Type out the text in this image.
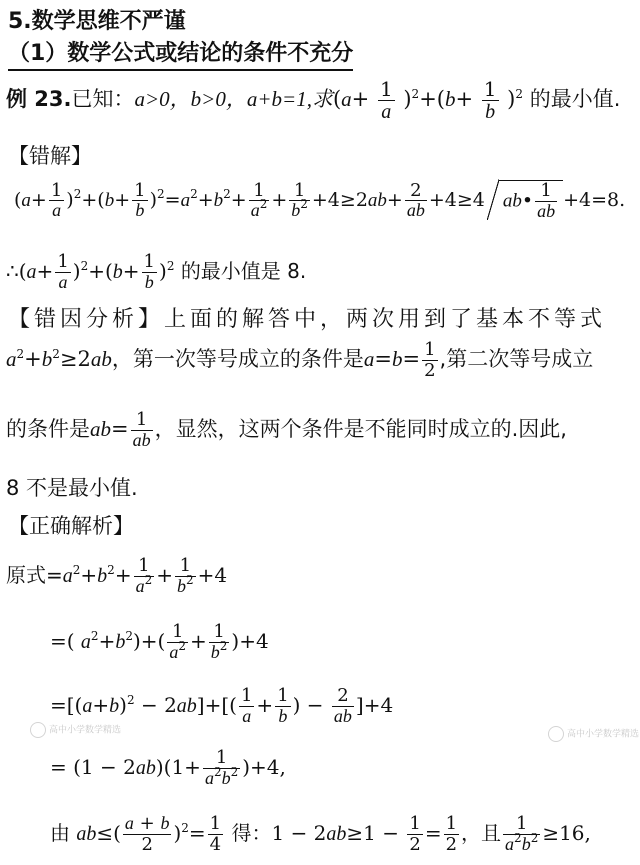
5.数学思维不严谨
（1）数学公式或结论的条件不充分
例 23.已知：a>0，b>0，a+b=1,求$(a+ \frac{1}{a} )^2+(b+ \frac{1}{b} )^2$ 的最小值.
【错解】
$(a+ \frac{1}{a} )^2+(b+ \frac{1}{b} )^2=a^2+b^2+ \frac{1}{a^2} + \frac{1}{b^2} +4\ge 2ab+ \frac{2}{ab} +4\ge 4$ ab• $\frac{1}{ab} +4=8$.
∴(a+ $\frac{1}{a} )^2+(b+ \frac{1}{b} )^2$ 的最小值是 8.
【错因分析】上面的解答中，两次用到了基本不等式
$a^2+b^2\ge 2ab$，第一次等号成立的条件是$a=b= \frac{1}{2}$ ,第二次等号成立
的条件是$ab= \frac{1}{ab}$ ，显然，这两个条件是不能同时成立的.因此,
8 不是最小值.
【正确解析】
原式$=a^2+b^2+ \frac{1}{a^2} + \frac{1}{b^2} +4$
=( $a^2+b^2)+( \frac{1}{a^2} + \frac{1}{b^2} )+4$
$=[(a+b)^2 - 2ab]+[( \frac{1}{a} + \frac{1}{b}$ ) − $\frac{2}{ab} ]+4$
= $(1 - 2ab)(1+ \frac{1}{a^2b^2} )+4$,
由 $ab\le( \frac{a + b}{2} )^2= \frac{1}{4}$ 得：$1 - 2ab\ge 1 - \frac{1}{2} = \frac{1}{2}$ ，且 $\frac{1}{a^2b^2} \ge 16$,
高中小学数学精选	高中小学数学精选
